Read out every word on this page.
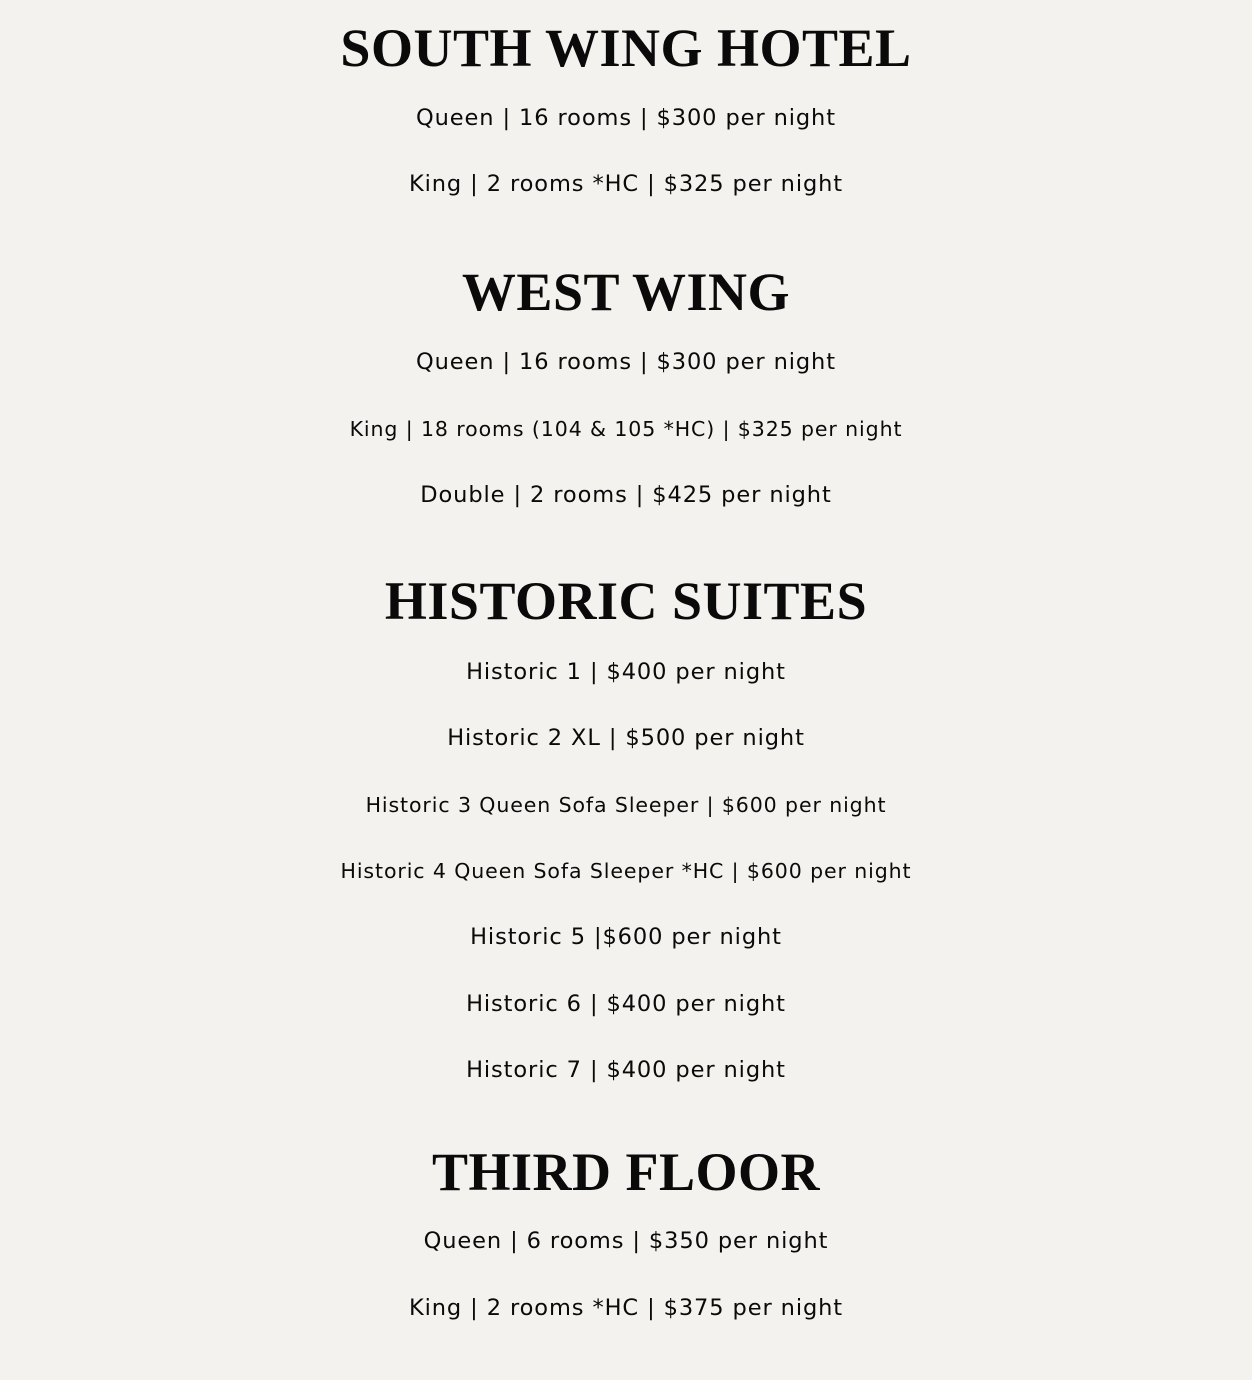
SOUTH WING HOTEL

Queen | 16 rooms | $300 per night

King | 2 rooms *HC | $325 per night

WEST WING

Queen | 16 rooms | $300 per night

King | 18 rooms (104 & 105 *HC) | $325 per night

Double | 2 rooms | $425 per night

HISTORIC SUITES

Historic 1 | $400 per night

Historic 2 XL | $500 per night

Historic 3 Queen Sofa Sleeper | $600 per night

Historic 4 Queen Sofa Sleeper *HC | $600 per night

Historic 5 |$600 per night

Historic 6 | $400 per night

Historic 7 | $400 per night

THIRD FLOOR

Queen | 6 rooms | $350 per night

King | 2 rooms *HC | $375 per night
